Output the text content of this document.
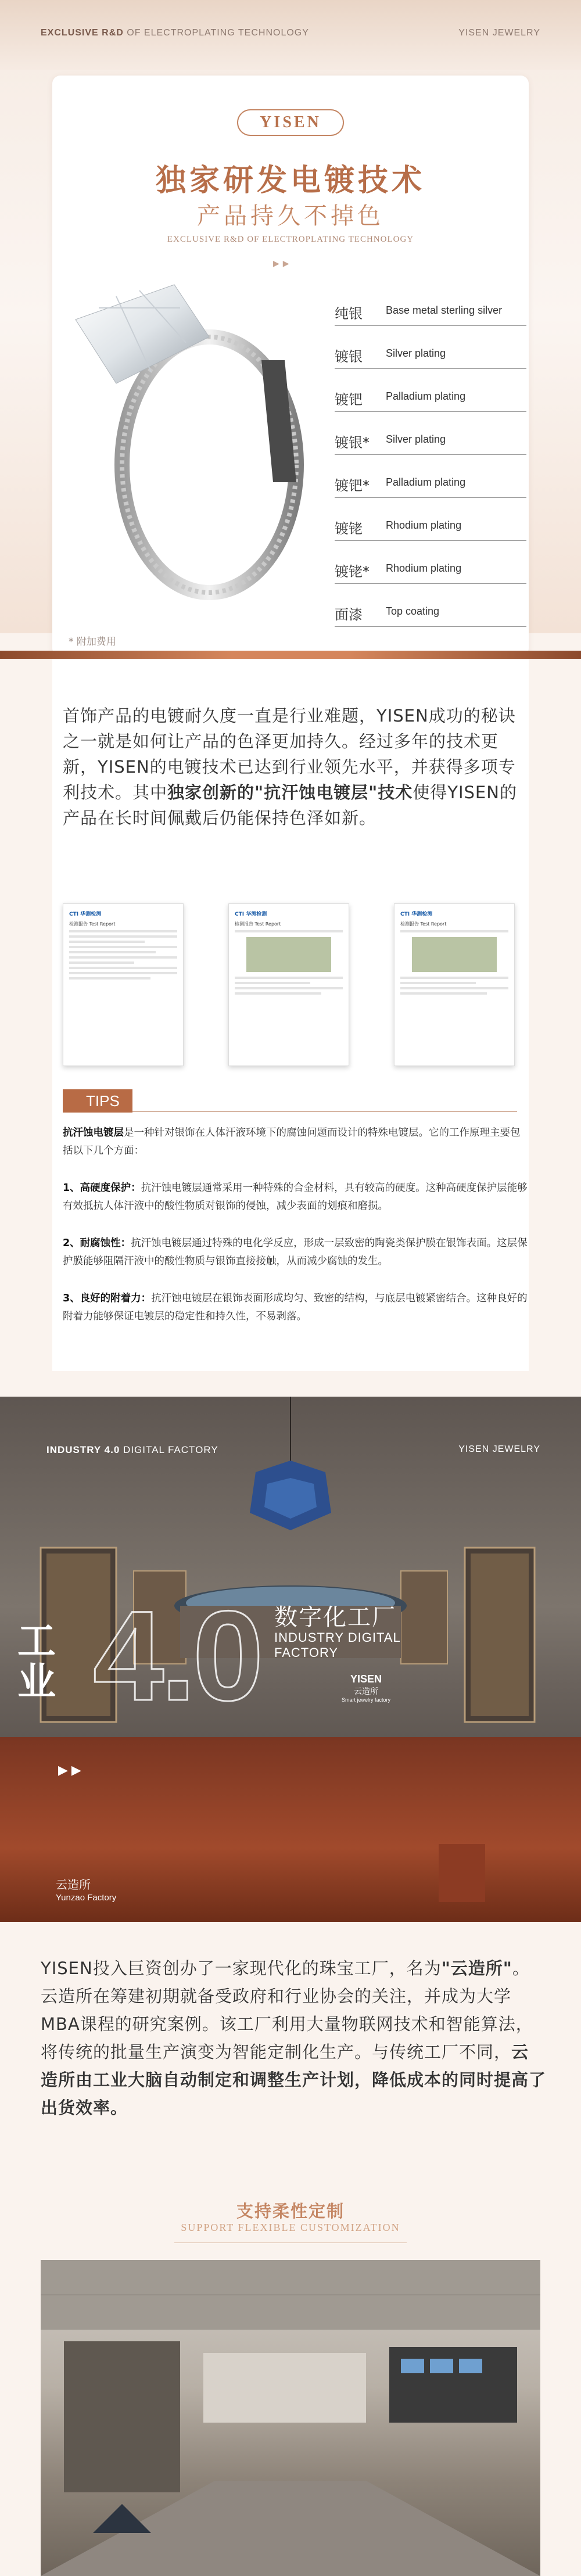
EXCLUSIVE R&D OF ELECTROPLATING TECHNOLOGY	YISEN JEWELRY
YISEN
独家研发电镀技术
产品持久不掉色
EXCLUSIVE R&D OF ELECTROPLATING TECHNOLOGY
▶▶
纯银 Base metal sterling silver
镀银 Silver plating
镀钯 Palladium plating
镀银* Silver plating
镀钯* Palladium plating
镀铑 Rhodium plating
镀铑* Rhodium plating
面漆 Top coating
* 附加费用
首饰产品的电镀耐久度一直是行业难题，YISEN成功的秘诀之一就是如何让产品的色泽更加持久。经过多年的技术更新，YISEN的电镀技术已达到行业领先水平，并获得多项专利技术。其中独家创新的"抗汗蚀电镀层"技术使得YISEN的产品在长时间佩戴后仍能保持色泽如新。
CTI 华测检测
检测报告 Test Report
CTI 华测检测
检测报告 Test Report
CTI 华测检测
检测报告 Test Report
TIPS
抗汗蚀电镀层是一种针对银饰在人体汗液环境下的腐蚀问题而设计的特殊电镀层。它的工作原理主要包括以下几个方面：
1、高硬度保护：抗汗蚀电镀层通常采用一种特殊的合金材料，具有较高的硬度。这种高硬度保护层能够有效抵抗人体汗液中的酸性物质对银饰的侵蚀，减少表面的划痕和磨损。
2、耐腐蚀性：抗汗蚀电镀层通过特殊的电化学反应，形成一层致密的陶瓷类保护膜在银饰表面。这层保护膜能够阻隔汗液中的酸性物质与银饰直接接触，从而减少腐蚀的发生。
3、良好的附着力：抗汗蚀电镀层在银饰表面形成均匀、致密的结构，与底层电镀紧密结合。这种良好的附着力能够保证电镀层的稳定性和持久性，不易剥落。
INDUSTRY 4.0 DIGITAL FACTORY	YISEN JEWELRY
工业 4.0 数字化工厂
INDUSTRY DIGITAL
FACTORY
YISEN
云造所
Smart jewelry factory
▶▶
云造所
Yunzao Factory
YISEN投入巨资创办了一家现代化的珠宝工厂，名为"云造所"。云造所在筹建初期就备受政府和行业协会的关注，并成为大学MBA课程的研究案例。该工厂利用大量物联网技术和智能算法，将传统的批量生产演变为智能定制化生产。与传统工厂不同，云造所由工业大脑自动制定和调整生产计划，降低成本的同时提高了出货效率。
支持柔性定制
SUPPORT FLEXIBLE CUSTOMIZATION
